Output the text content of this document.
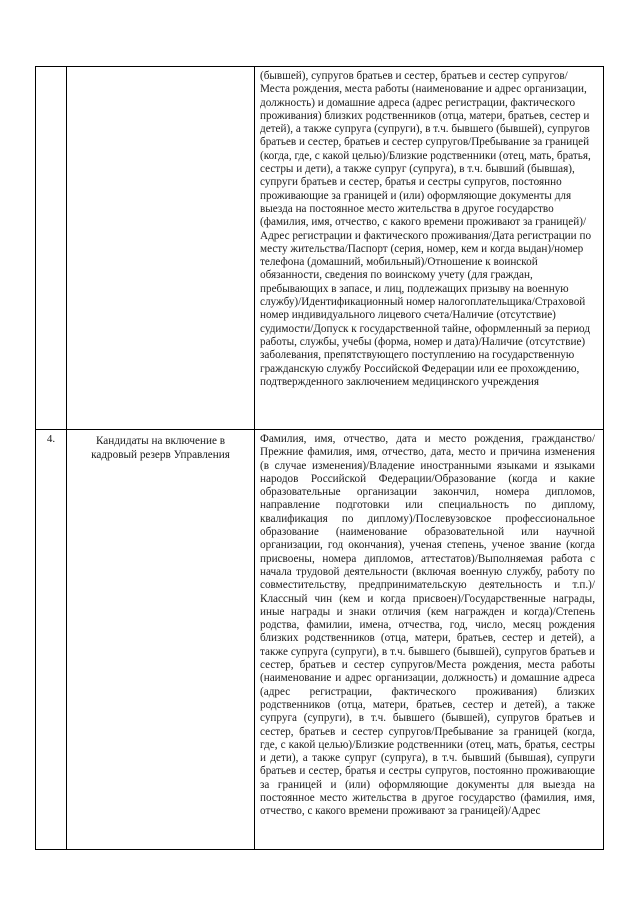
		(бывшей), супругов братьев и сестер, братьев и сестер супругов/Места рождения, места работы (наименование и адрес организации, должность) и домашние адреса (адрес регистрации, фактического проживания) близких родственников (отца, матери, братьев, сестер и детей), а также супруга (супруги), в т.ч. бывшего (бывшей), супругов братьев и сестер, братьев и сестер супругов/Пребывание за границей (когда, где, с какой целью)/Близкие родственники (отец, мать, братья, сестры и дети), а также супруг (супруга), в т.ч. бывший (бывшая), супруги братьев и сестер, братья и сестры супругов, постоянно проживающие за границей и (или) оформляющие документы для выезда на постоянное место жительства в другое государство (фамилия, имя, отчество, с какого времени проживают за границей)/Адрес регистрации и фактического проживания/Дата регистрации по месту жительства/Паспорт (серия, номер, кем и когда выдан)/номер телефона (домашний, мобильный)/Отношение к воинской обязанности, сведения по воинскому учету (для граждан, пребывающих в запасе, и лиц, подлежащих призыву на военную службу)/Идентификационный номер налогоплательщика/Страховой номер индивидуального лицевого счета/Наличие (отсутствие) судимости/Допуск к государственной тайне, оформленный за период работы, службы, учебы (форма, номер и дата)/Наличие (отсутствие) заболевания, препятствующего поступлению на государственную гражданскую службу Российской Федерации или ее прохождению, подтвержденного заключением медицинского учреждения

4.	Кандидаты на включение в кадровый резерв Управления	Фамилия, имя, отчество, дата и место рождения, гражданство/Прежние фамилия, имя, отчество, дата, место и причина изменения (в случае изменения)/Владение иностранными языками и языками народов Российской Федерации/Образование (когда и какие образовательные организации закончил, номера дипломов, направление подготовки или специальность по диплому, квалификация по диплому)/Послевузовское профессиональное образование (наименование образовательной или научной организации, год окончания), ученая степень, ученое звание (когда присвоены, номера дипломов, аттестатов)/Выполняемая работа с начала трудовой деятельности (включая военную службу, работу по совместительству, предпринимательскую деятельность и т.п.)/Классный чин (кем и когда присвоен)/Государственные награды, иные награды и знаки отличия (кем награжден и когда)/Степень родства, фамилии, имена, отчества, год, число, месяц рождения близких родственников (отца, матери, братьев, сестер и детей), а также супруга (супруги), в т.ч. бывшего (бывшей), супругов братьев и сестер, братьев и сестер супругов/Места рождения, места работы (наименование и адрес организации, должность) и домашние адреса (адрес регистрации, фактического проживания) близких родственников (отца, матери, братьев, сестер и детей), а также супруга (супруги), в т.ч. бывшего (бывшей), супругов братьев и сестер, братьев и сестер супругов/Пребывание за границей (когда, где, с какой целью)/Близкие родственники (отец, мать, братья, сестры и дети), а также супруг (супруга), в т.ч. бывший (бывшая), супруги братьев и сестер, братья и сестры супругов, постоянно проживающие за границей и (или) оформляющие документы для выезда на постоянное место жительства в другое государство (фамилия, имя, отчество, с какого времени проживают за границей)/Адрес
